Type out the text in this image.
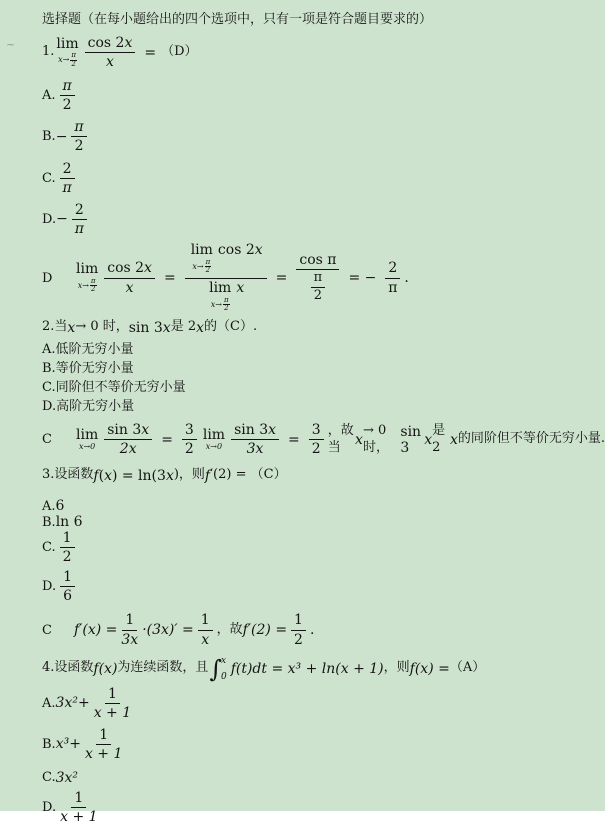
~
选择题（在每小题给出的四个选项中，只有一项是符合题目要求的）
1.
lim
$x\to \frac{\pi}{2} \frac{\cos 2x}{x} = (D)$
A. $\frac{\pi}{2}$
B. − $\frac{\pi}{2}$
C. $\frac{2}{\pi}$
D. − $\frac{2}{\pi}$
D
lim
$x\to \frac{\pi}{2} \frac{\cos 2x}{x}$ =
lim
$x\to \frac{\pi}{2}$
cos 2x
lim
$x\to \frac{\pi}{2}$
x
= $\frac{\text{cos π}}{\frac{\pi}{2}}$ = − $\frac{2}{\pi}$ .
2.当 x → 0 时， sin 3 x 是 2 x 的（C）.
A.低阶无穷小量
B.等价无穷小量
C.同阶但不等价无穷小量
D.高阶无穷小量
C	lim
$x\to 0 \frac{\sin 3x}{2x} = \frac{3}{2}$ lim
$x\to 0 \frac{\sin 3x}{3x} = \frac{3}{2}$ ，故当	x
→ 0 时，
sin 3	x
是 2 x 的同阶但不等价无穷小量.
3.设函数 f ( x ) = ln(3 x )，则 f ′(2) = （C）
A. 6
B. ln 6
C. $\frac{1}{2}$
D. $\frac{1}{6}$
C	$f'(x) = \frac{1}{3x} \cdot(3x)' = \frac{1}{x}$ ，故 $f'(2) = \frac{1}{2}$ .
4.设函数 f(x) 为连续函数，且 ∫ x
0 f(t)dt = x³ + ln(x + 1) ，则 f(x) = （A）
A. $3x^2 + \frac{1}{x + 1}$
B. $x^3 + \frac{1}{x + 1}$
C. 3x²
D. $\frac{1}{x + 1}$
